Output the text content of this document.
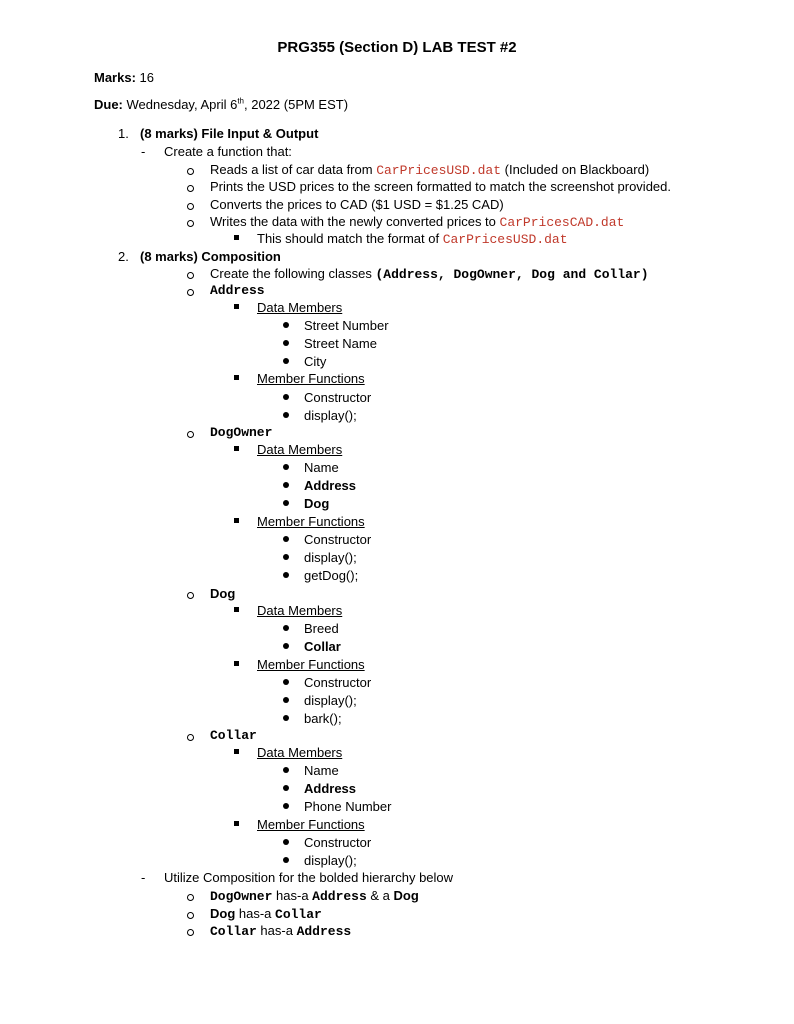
PRG355 (Section D) LAB TEST #2
Marks: 16
Due: Wednesday, April 6th, 2022 (5PM EST)
1. (8 marks) File Input & Output
- Create a function that:
Reads a list of car data from CarPricesUSD.dat (Included on Blackboard)
Prints the USD prices to the screen formatted to match the screenshot provided.
Converts the prices to CAD ($1 USD = $1.25 CAD)
Writes the data with the newly converted prices to CarPricesCAD.dat
This should match the format of CarPricesUSD.dat
2. (8 marks) Composition
Create the following classes (Address, DogOwner, Dog and Collar)
Address
Data Members
Street Number
Street Name
City
Member Functions
Constructor
display();
DogOwner
Data Members
Name
Address
Dog
Member Functions
Constructor
display();
getDog();
Dog
Data Members
Breed
Collar
Member Functions
Constructor
display();
bark();
Collar
Data Members
Name
Address
Phone Number
Member Functions
Constructor
display();
- Utilize Composition for the bolded hierarchy below
DogOwner has-a Address & a Dog
Dog has-a Collar
Collar has-a Address
